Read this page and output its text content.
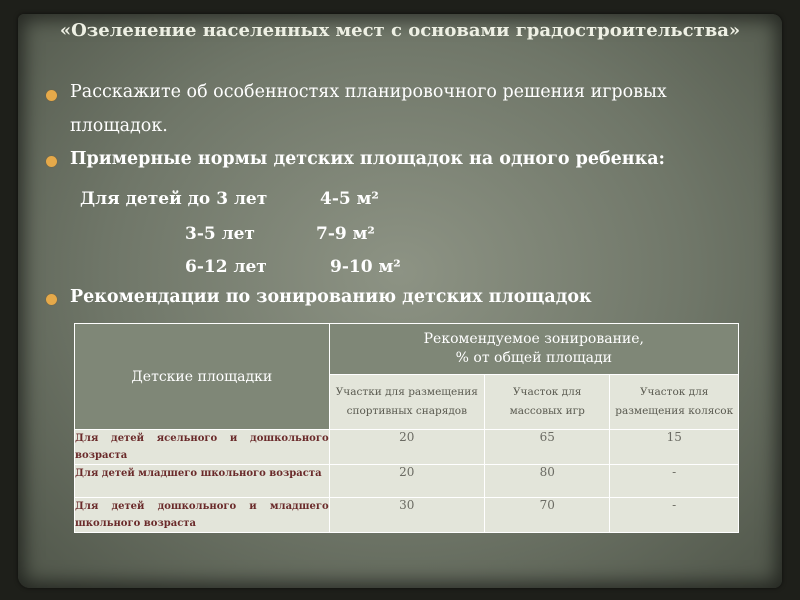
«Озеленение населенных мест с основами градостроительства»
Расскажите об особенностях планировочного решения игровых
площадок.
Примерные нормы детских площадок на одного ребенка:
Для детей до 3 лет	4-5 м²
3-5 лет	7-9 м²
6-12 лет	9-10 м²
Рекомендации по зонированию детских площадок
Детские площадки	Рекомендуемое зонирование,
% от общей площади		

	Участки для размещения спортивных снарядов	Участок для массовых игр	Участок для размещения колясок
Для детей ясельного и дошкольного возраста	20	65	15
Для детей младшего школьного возраста	20	80	-
Для детей дошкольного и младшего школьного возраста	30	70	-
